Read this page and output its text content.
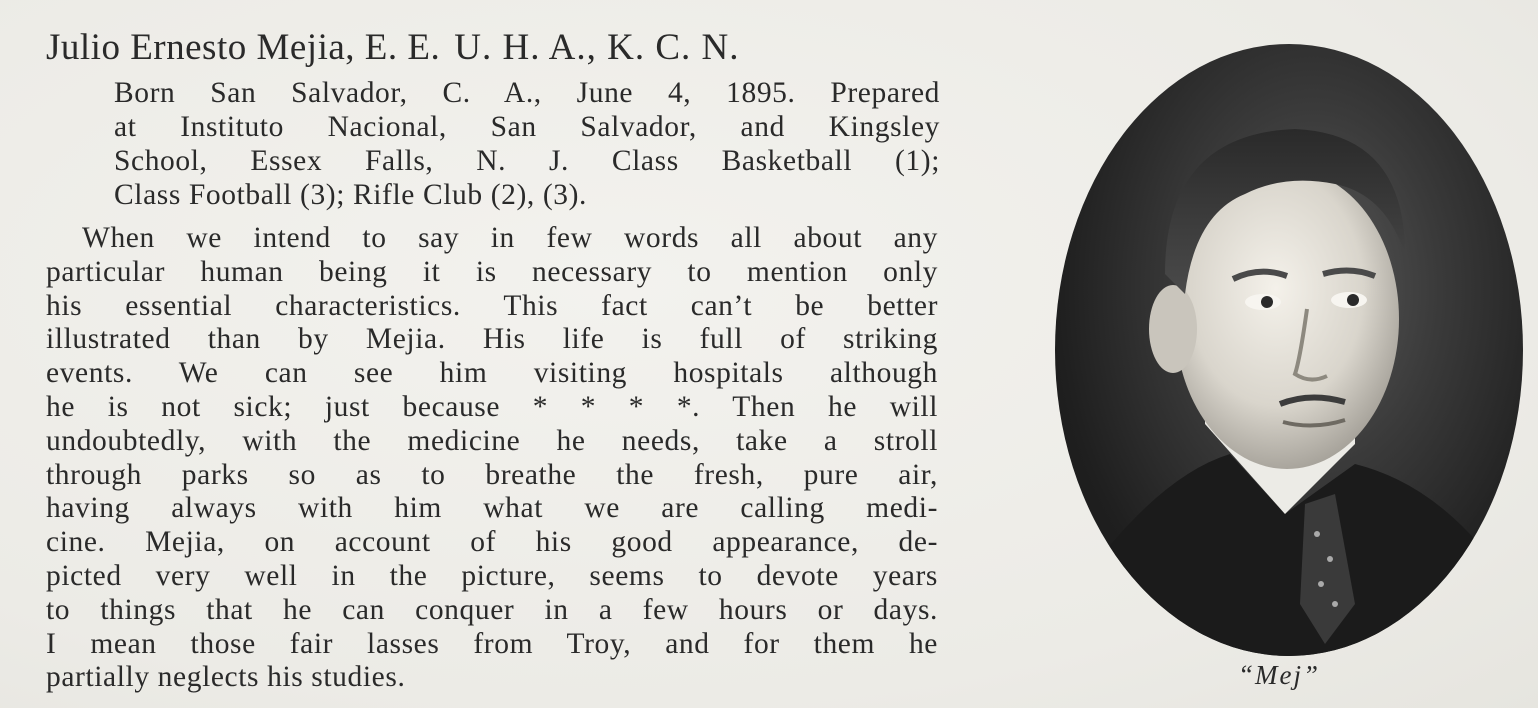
Julio Ernesto Mejia, E. E. U. H. A., K. C. N.
Born San Salvador, C. A., June 4, 1895. Prepared
at Instituto Nacional, San Salvador, and Kingsley
School, Essex Falls, N. J. Class Basketball (1);
Class Football (3); Rifle Club (2), (3).
When we intend to say in few words all about any
particular human being it is necessary to mention only
his essential characteristics. This fact can’t be better
illustrated than by Mejia. His life is full of striking
events. We can see him visiting hospitals although
he is not sick; just because * * * *. Then he will
undoubtedly, with the medicine he needs, take a stroll
through parks so as to breathe the fresh, pure air,
having always with him what we are calling medi-
cine. Mejia, on account of his good appearance, de-
picted very well in the picture, seems to devote years
to things that he can conquer in a few hours or days.
I mean those fair lasses from Troy, and for them he
partially neglects his studies.	“Mej”
